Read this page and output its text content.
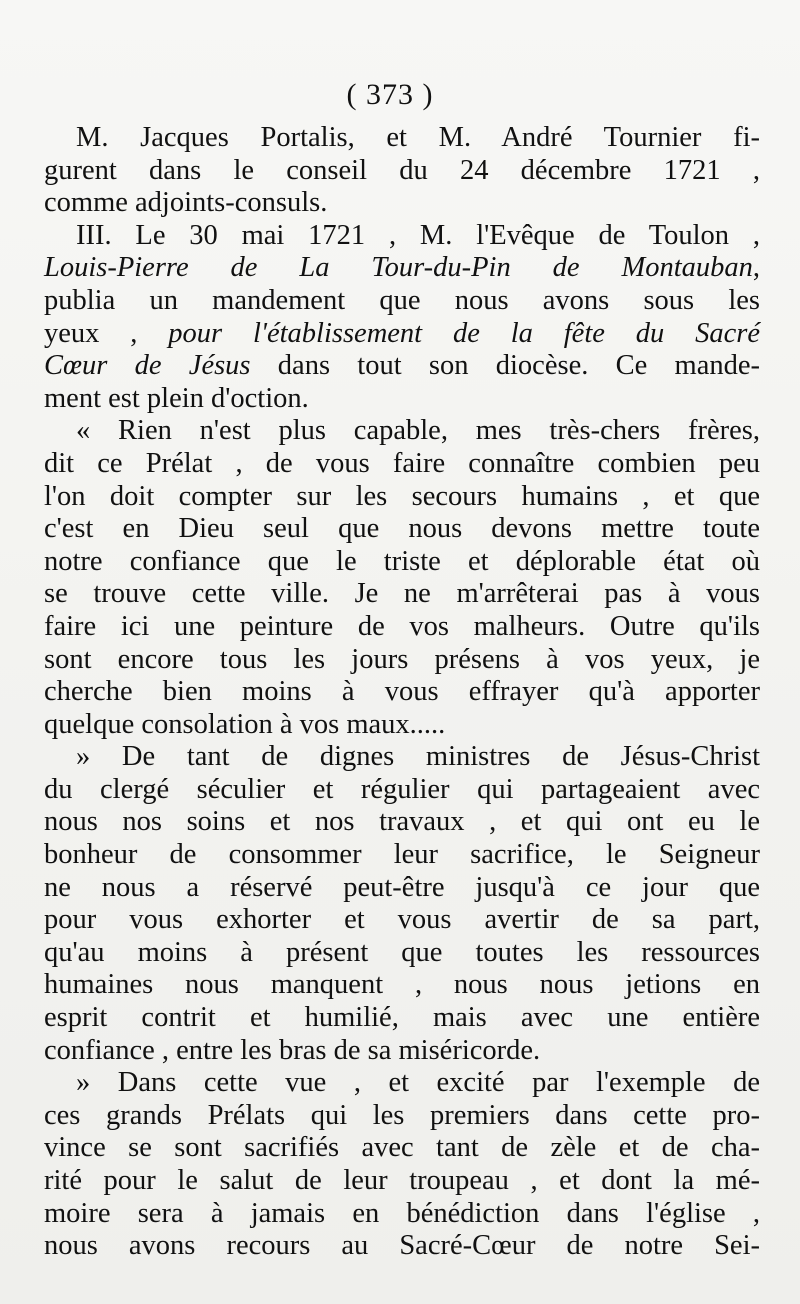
( 373 )
M. Jacques Portalis, et M. André Tournier fi-
gurent dans le conseil du 24 décembre 1721 ,
comme adjoints-consuls.
III. Le 30 mai 1721 , M. l'Evêque de Toulon ,
Louis-Pierre de La Tour-du-Pin de Montauban,
publia un mandement que nous avons sous les
yeux , pour l'établissement de la fête du Sacré
Cœur de Jésus dans tout son diocèse. Ce mande-
ment est plein d'oction.
« Rien n'est plus capable, mes très-chers frères,
dit ce Prélat , de vous faire connaître combien peu
l'on doit compter sur les secours humains , et que
c'est en Dieu seul que nous devons mettre toute
notre confiance que le triste et déplorable état où
se trouve cette ville. Je ne m'arrêterai pas à vous
faire ici une peinture de vos malheurs. Outre qu'ils
sont encore tous les jours présens à vos yeux, je
cherche bien moins à vous effrayer qu'à apporter
quelque consolation à vos maux.....
» De tant de dignes ministres de Jésus-Christ
du clergé séculier et régulier qui partageaient avec
nous nos soins et nos travaux , et qui ont eu le
bonheur de consommer leur sacrifice, le Seigneur
ne nous a réservé peut-être jusqu'à ce jour que
pour vous exhorter et vous avertir de sa part,
qu'au moins à présent que toutes les ressources
humaines nous manquent , nous nous jetions en
esprit contrit et humilié, mais avec une entière
confiance , entre les bras de sa miséricorde.
» Dans cette vue , et excité par l'exemple de
ces grands Prélats qui les premiers dans cette pro-
vince se sont sacrifiés avec tant de zèle et de cha-
rité pour le salut de leur troupeau , et dont la mé-
moire sera à jamais en bénédiction dans l'église ,
nous avons recours au Sacré-Cœur de notre Sei-
